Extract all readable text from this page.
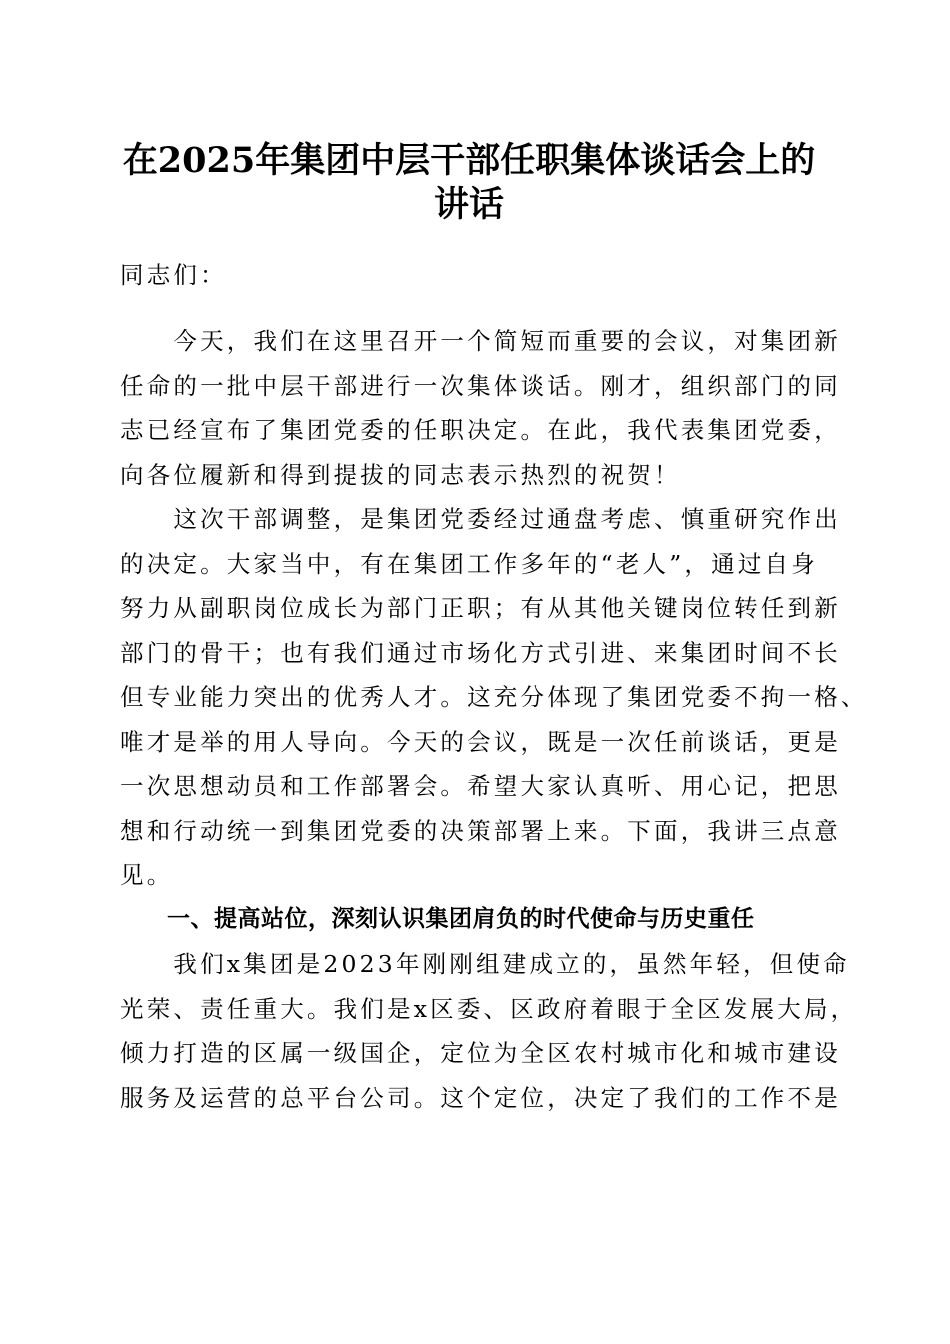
在2025年集团中层干部任职集体谈话会上的
讲话

同志们：

　　今天，我们在这里召开一个简短而重要的会议，对集团新
任命的一批中层干部进行一次集体谈话。刚才，组织部门的同
志已经宣布了集团党委的任职决定。在此，我代表集团党委，
向各位履新和得到提拔的同志表示热烈的祝贺！

　　这次干部调整，是集团党委经过通盘考虑、慎重研究作出
的决定。大家当中，有在集团工作多年的“老人”，通过自身
努力从副职岗位成长为部门正职；有从其他关键岗位转任到新
部门的骨干；也有我们通过市场化方式引进、来集团时间不长
但专业能力突出的优秀人才。这充分体现了集团党委不拘一格、
唯才是举的用人导向。今天的会议，既是一次任前谈话，更是
一次思想动员和工作部署会。希望大家认真听、用心记，把思
想和行动统一到集团党委的决策部署上来。下面，我讲三点意
见。

　　一、提高站位，深刻认识集团肩负的时代使命与历史重任

　　我们x集团是2023年刚刚组建成立的，虽然年轻，但使命
光荣、责任重大。我们是x区委、区政府着眼于全区发展大局，
倾力打造的区属一级国企，定位为全区农村城市化和城市建设
服务及运营的总平台公司。这个定位，决定了我们的工作不是
